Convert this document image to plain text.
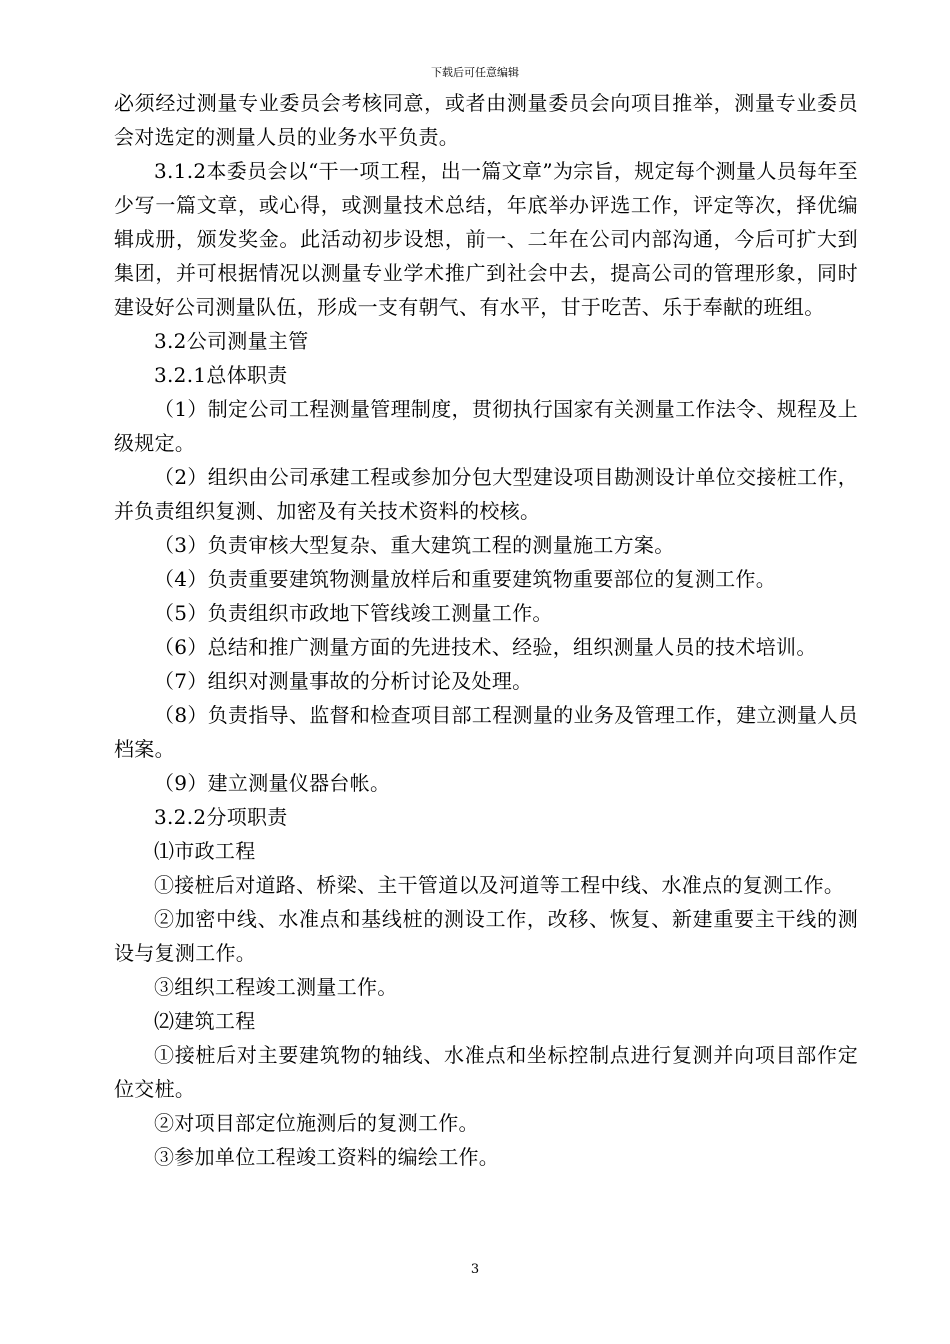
下载后可任意编辑

必须经过测量专业委员会考核同意，或者由测量委员会向项目推举，测量专业委员会对选定的测量人员的业务水平负责。

3.1.2本委员会以“干一项工程，出一篇文章”为宗旨，规定每个测量人员每年至少写一篇文章，或心得，或测量技术总结，年底举办评选工作，评定等次，择优编辑成册，颁发奖金。此活动初步设想，前一、二年在公司内部沟通，今后可扩大到集团，并可根据情况以测量专业学术推广到社会中去，提高公司的管理形象，同时建设好公司测量队伍，形成一支有朝气、有水平，甘于吃苦、乐于奉献的班组。

3.2公司测量主管

3.2.1总体职责

（1）制定公司工程测量管理制度，贯彻执行国家有关测量工作法令、规程及上级规定。

（2）组织由公司承建工程或参加分包大型建设项目勘测设计单位交接桩工作，并负责组织复测、加密及有关技术资料的校核。

（3）负责审核大型复杂、重大建筑工程的测量施工方案。

（4）负责重要建筑物测量放样后和重要建筑物重要部位的复测工作。

（5）负责组织市政地下管线竣工测量工作。

（6）总结和推广测量方面的先进技术、经验，组织测量人员的技术培训。

（7）组织对测量事故的分析讨论及处理。

（8）负责指导、监督和检查项目部工程测量的业务及管理工作，建立测量人员档案。

（9）建立测量仪器台帐。

3.2.2分项职责

⑴市政工程

①接桩后对道路、桥梁、主干管道以及河道等工程中线、水准点的复测工作。

②加密中线、水准点和基线桩的测设工作，改移、恢复、新建重要主干线的测设与复测工作。

③组织工程竣工测量工作。

⑵建筑工程

①接桩后对主要建筑物的轴线、水准点和坐标控制点进行复测并向项目部作定位交桩。

②对项目部定位施测后的复测工作。

③参加单位工程竣工资料的编绘工作。

3
